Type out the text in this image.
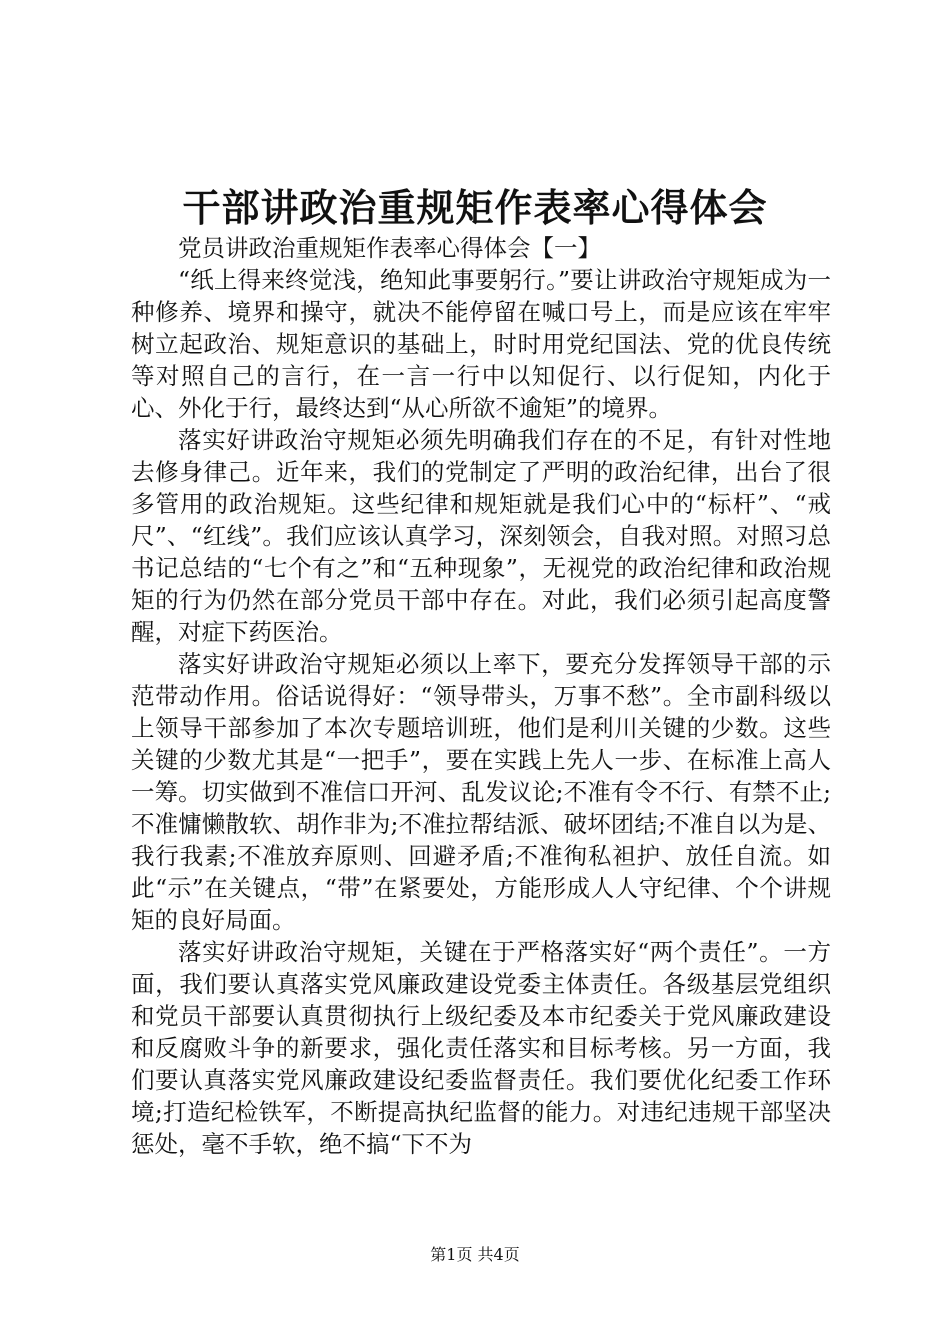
干部讲政治重规矩作表率心得体会

党员讲政治重规矩作表率心得体会【一】

“纸上得来终觉浅，绝知此事要躬行。”要让讲政治守规矩成为一种修养、境界和操守，就决不能停留在喊口号上，而是应该在牢牢树立起政治、规矩意识的基础上，时时用党纪国法、党的优良传统等对照自己的言行，在一言一行中以知促行、以行促知，内化于心、外化于行，最终达到“从心所欲不逾矩”的境界。

落实好讲政治守规矩必须先明确我们存在的不足，有针对性地去修身律己。近年来，我们的党制定了严明的政治纪律，出台了很多管用的政治规矩。这些纪律和规矩就是我们心中的“标杆”、“戒尺”、“红线”。我们应该认真学习，深刻领会，自我对照。对照习总书记总结的“七个有之”和“五种现象”，无视党的政治纪律和政治规矩的行为仍然在部分党员干部中存在。对此，我们必须引起高度警醒，对症下药医治。

落实好讲政治守规矩必须以上率下，要充分发挥领导干部的示范带动作用。俗话说得好：“领导带头，万事不愁”。全市副科级以上领导干部参加了本次专题培训班，他们是利川关键的少数。这些关键的少数尤其是“一把手”，要在实践上先人一步、在标准上高人一筹。切实做到不准信口开河、乱发议论;不准有令不行、有禁不止;不准慵懒散软、胡作非为;不准拉帮结派、破坏团结;不准自以为是、我行我素;不准放弃原则、回避矛盾;不准徇私袒护、放任自流。如此“示”在关键点，“带”在紧要处，方能形成人人守纪律、个个讲规矩的良好局面。

落实好讲政治守规矩，关键在于严格落实好“两个责任”。一方面，我们要认真落实党风廉政建设党委主体责任。各级基层党组织和党员干部要认真贯彻执行上级纪委及本市纪委关于党风廉政建设和反腐败斗争的新要求，强化责任落实和目标考核。另一方面，我们要认真落实党风廉政建设纪委监督责任。我们要优化纪委工作环境;打造纪检铁军，不断提高执纪监督的能力。对违纪违规干部坚决惩处，毫不手软，绝不搞“下不为

第1页 共4页
